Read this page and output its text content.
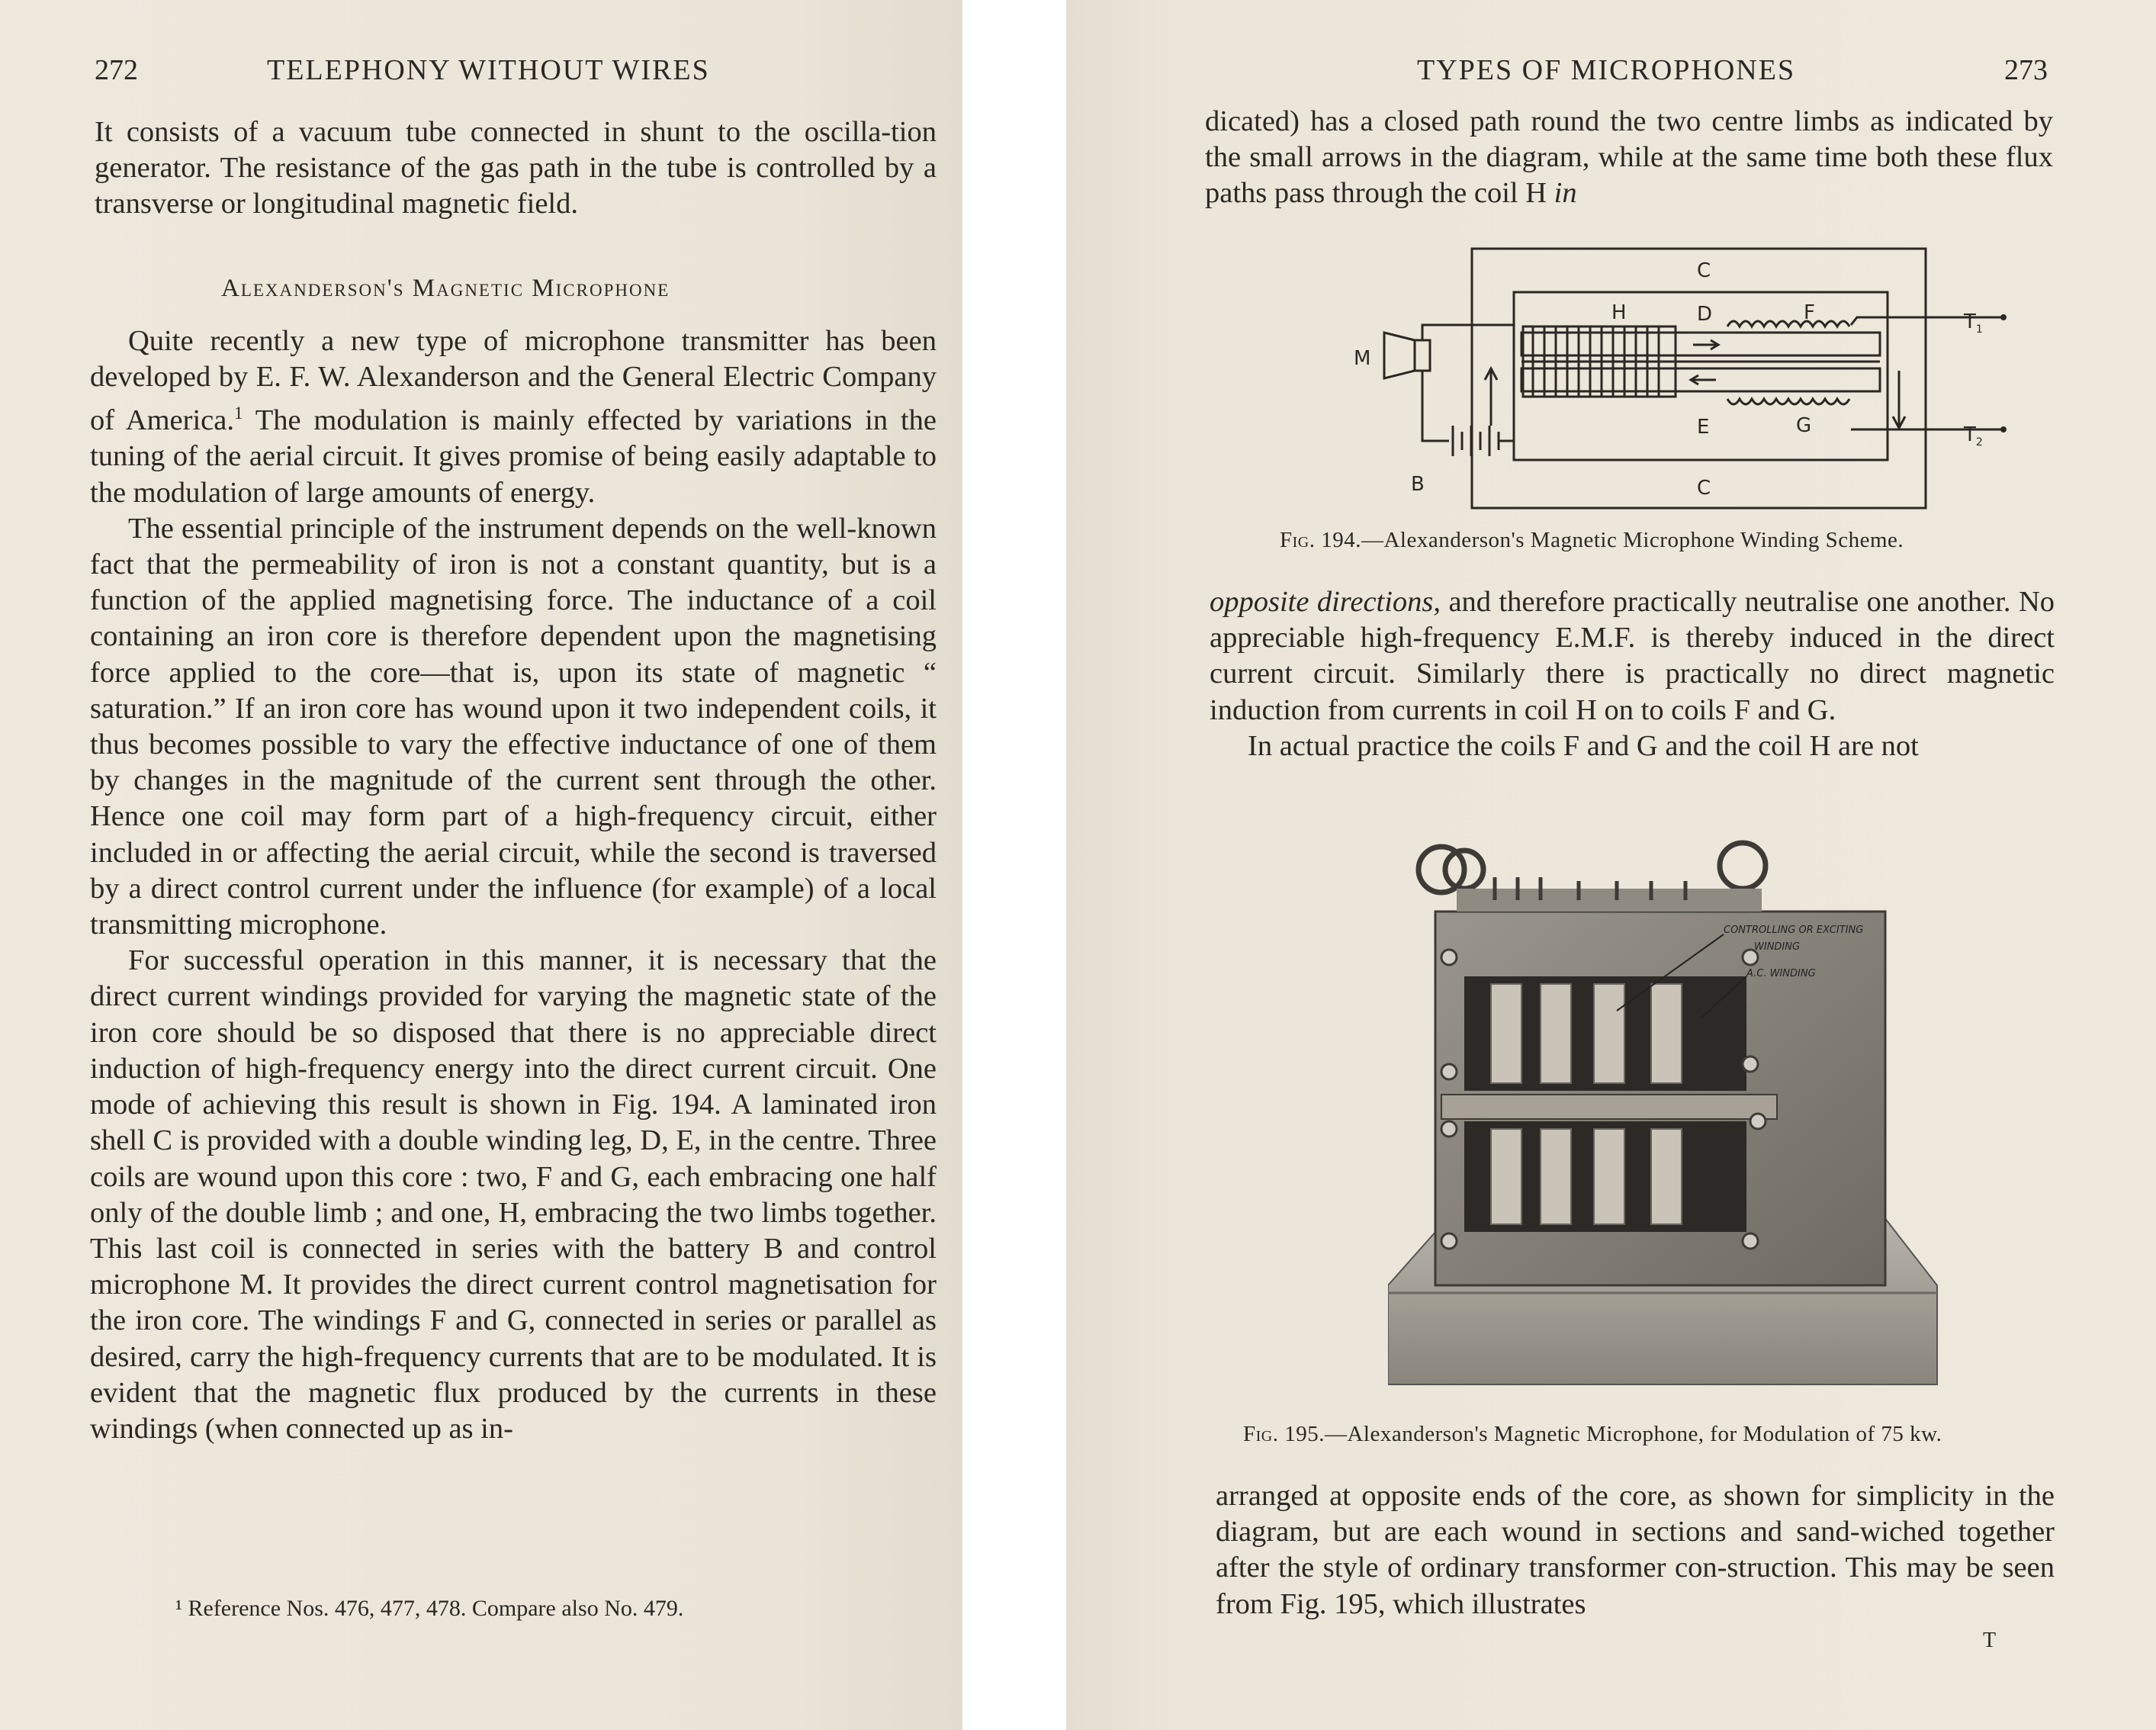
272	TELEPHONY WITHOUT WIRES

It consists of a vacuum tube connected in shunt to the oscilla-tion generator. The resistance of the gas path in the tube is controlled by a transverse or longitudinal magnetic field.

Alexanderson's Magnetic Microphone

Quite recently a new type of microphone transmitter has been developed by E. F. W. Alexanderson and the General Electric Company of America.$^1$ The modulation is mainly effected by variations in the tuning of the aerial circuit. It gives promise of being easily adaptable to the modulation of large amounts of energy.

The essential principle of the instrument depends on the well-known fact that the permeability of iron is not a constant quantity, but is a function of the applied magnetising force. The inductance of a coil containing an iron core is therefore dependent upon the magnetising force applied to the core—that is, upon its state of magnetic “ saturation.” If an iron core has wound upon it two independent coils, it thus becomes possible to vary the effective inductance of one of them by changes in the magnitude of the current sent through the other. Hence one coil may form part of a high-frequency circuit, either included in or affecting the aerial circuit, while the second is traversed by a direct control current under the influence (for example) of a local transmitting microphone.

For successful operation in this manner, it is necessary that the direct current windings provided for varying the magnetic state of the iron core should be so disposed that there is no appreciable direct induction of high-frequency energy into the direct current circuit. One mode of achieving this result is shown in Fig. 194. A laminated iron shell C is provided with a double winding leg, D, E, in the centre. Three coils are wound upon this core : two, F and G, each embracing one half only of the double limb ; and one, H, embracing the two limbs together. This last coil is connected in series with the battery B and control microphone M. It provides the direct current control magnetisation for the iron core. The windings F and G, connected in series or parallel as desired, carry the high-frequency currents that are to be modulated. It is evident that the magnetic flux produced by the currents in these windings (when connected up as in-

¹ Reference Nos. 476, 477, 478. Compare also No. 479.
TYPES OF MICROPHONES	273

dicated) has a closed path round the two centre limbs as indicated by the small arrows in the diagram, while at the same time both these flux paths pass through the coil H in

Fig. 194.—Alexanderson's Magnetic Microphone Winding Scheme.

opposite directions, and therefore practically neutralise one another. No appreciable high-frequency E.M.F. is thereby induced in the direct current circuit. Similarly there is practically no direct magnetic induction from currents in coil H on to coils F and G.

In actual practice the coils F and G and the coil H are not

Fig. 195.—Alexanderson's Magnetic Microphone, for Modulation of 75 kw.

arranged at opposite ends of the core, as shown for simplicity in the diagram, but are each wound in sections and sand-wiched together after the style of ordinary transformer con-struction. This may be seen from Fig. 195, which illustrates

T
C
C
H	D	F
E	G
M
B
$T_1$
$T_2$
CONTROLLING OR EXCITING
WINDING
A.C. WINDING
